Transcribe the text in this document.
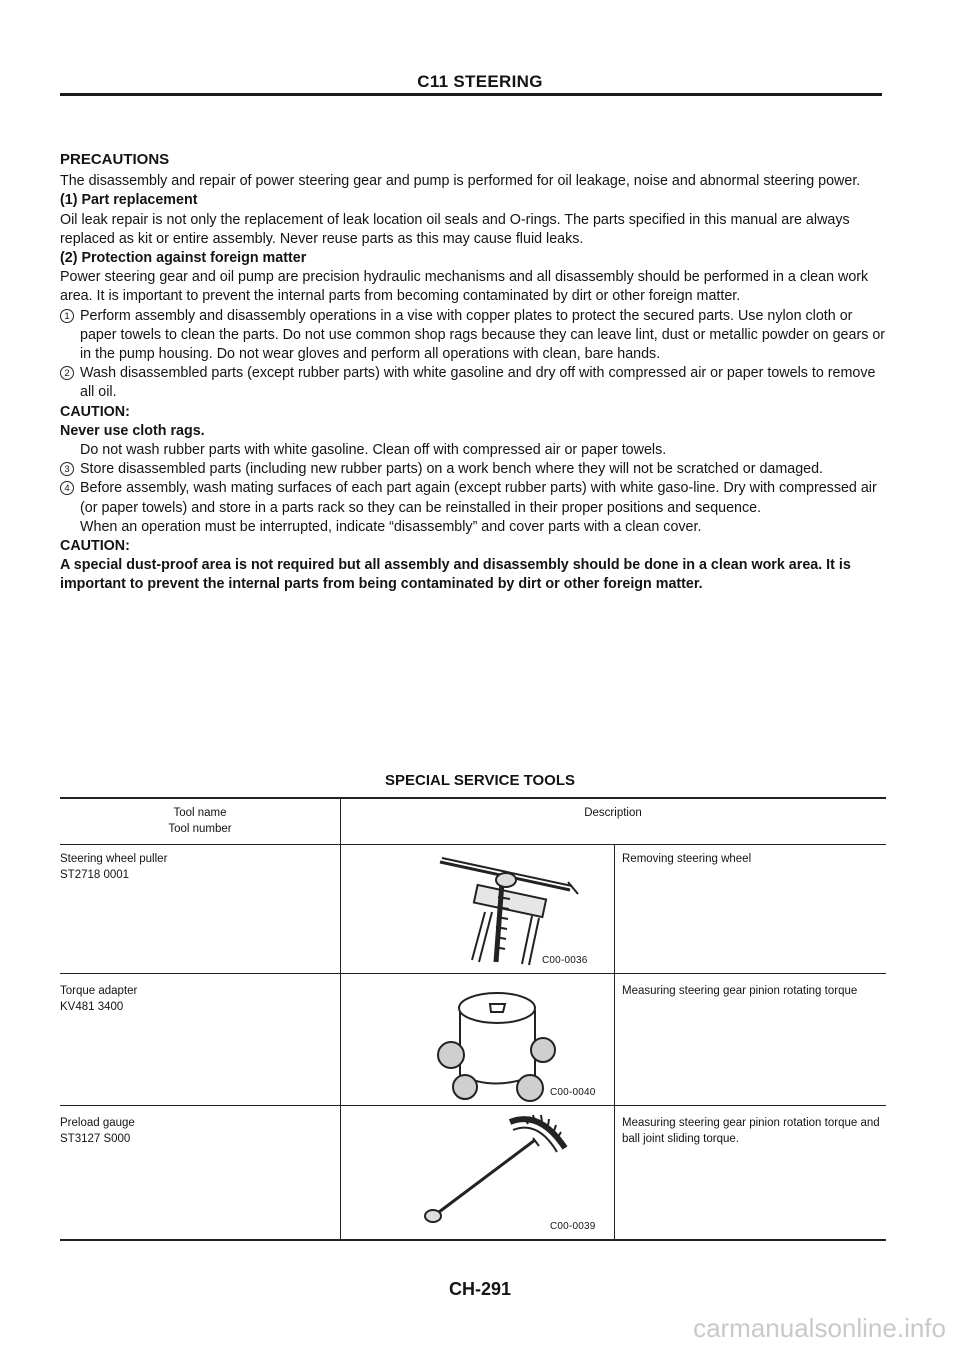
C11 STEERING

PRECAUTIONS

The disassembly and repair of power steering gear and pump is performed for oil leakage, noise and abnormal steering power.

(1) Part replacement

Oil leak repair is not only the replacement of leak location oil seals and O-rings. The parts specified in this manual are always replaced as kit or entire assembly. Never reuse parts as this may cause fluid leaks.

(2) Protection against foreign matter

Power steering gear and oil pump are precision hydraulic mechanisms and all disassembly should be performed in a clean work area. It is important to prevent the internal parts from becoming contaminated by dirt or other foreign matter.

1 Perform assembly and disassembly operations in a vise with copper plates to protect the secured parts. Use nylon cloth or paper towels to clean the parts. Do not use common shop rags because they can leave lint, dust or metallic powder on gears or in the pump housing. Do not wear gloves and perform all operations with clean, bare hands.

2 Wash disassembled parts (except rubber parts) with white gasoline and dry off with compressed air or paper towels to remove all oil.

CAUTION:

Never use cloth rags.

Do not wash rubber parts with white gasoline. Clean off with compressed air or paper towels.

3 Store disassembled parts (including new rubber parts) on a work bench where they will not be scratched or damaged.

4 Before assembly, wash mating surfaces of each part again (except rubber parts) with white gaso-line. Dry with compressed air (or paper towels) and store in a parts rack so they can be reinstalled in their proper positions and sequence.

When an operation must be interrupted, indicate “disassembly” and cover parts with a clean cover.

CAUTION:

A special dust-proof area is not required but all assembly and disassembly should be done in a clean work area. It is important to prevent the internal parts from being contaminated by dirt or other foreign matter.

SPECIAL SERVICE TOOLS
Tool name
Tool number
Description
Steering wheel puller
ST2718 0001
C00-0036
Removing steering wheel
Torque adapter
KV481 3400
C00-0040
Measuring steering gear pinion rotating torque
Preload gauge
ST3127 S000
C00-0039
Measuring steering gear pinion rotation torque and ball joint sliding torque.
CH-291
carmanualsonline.info
